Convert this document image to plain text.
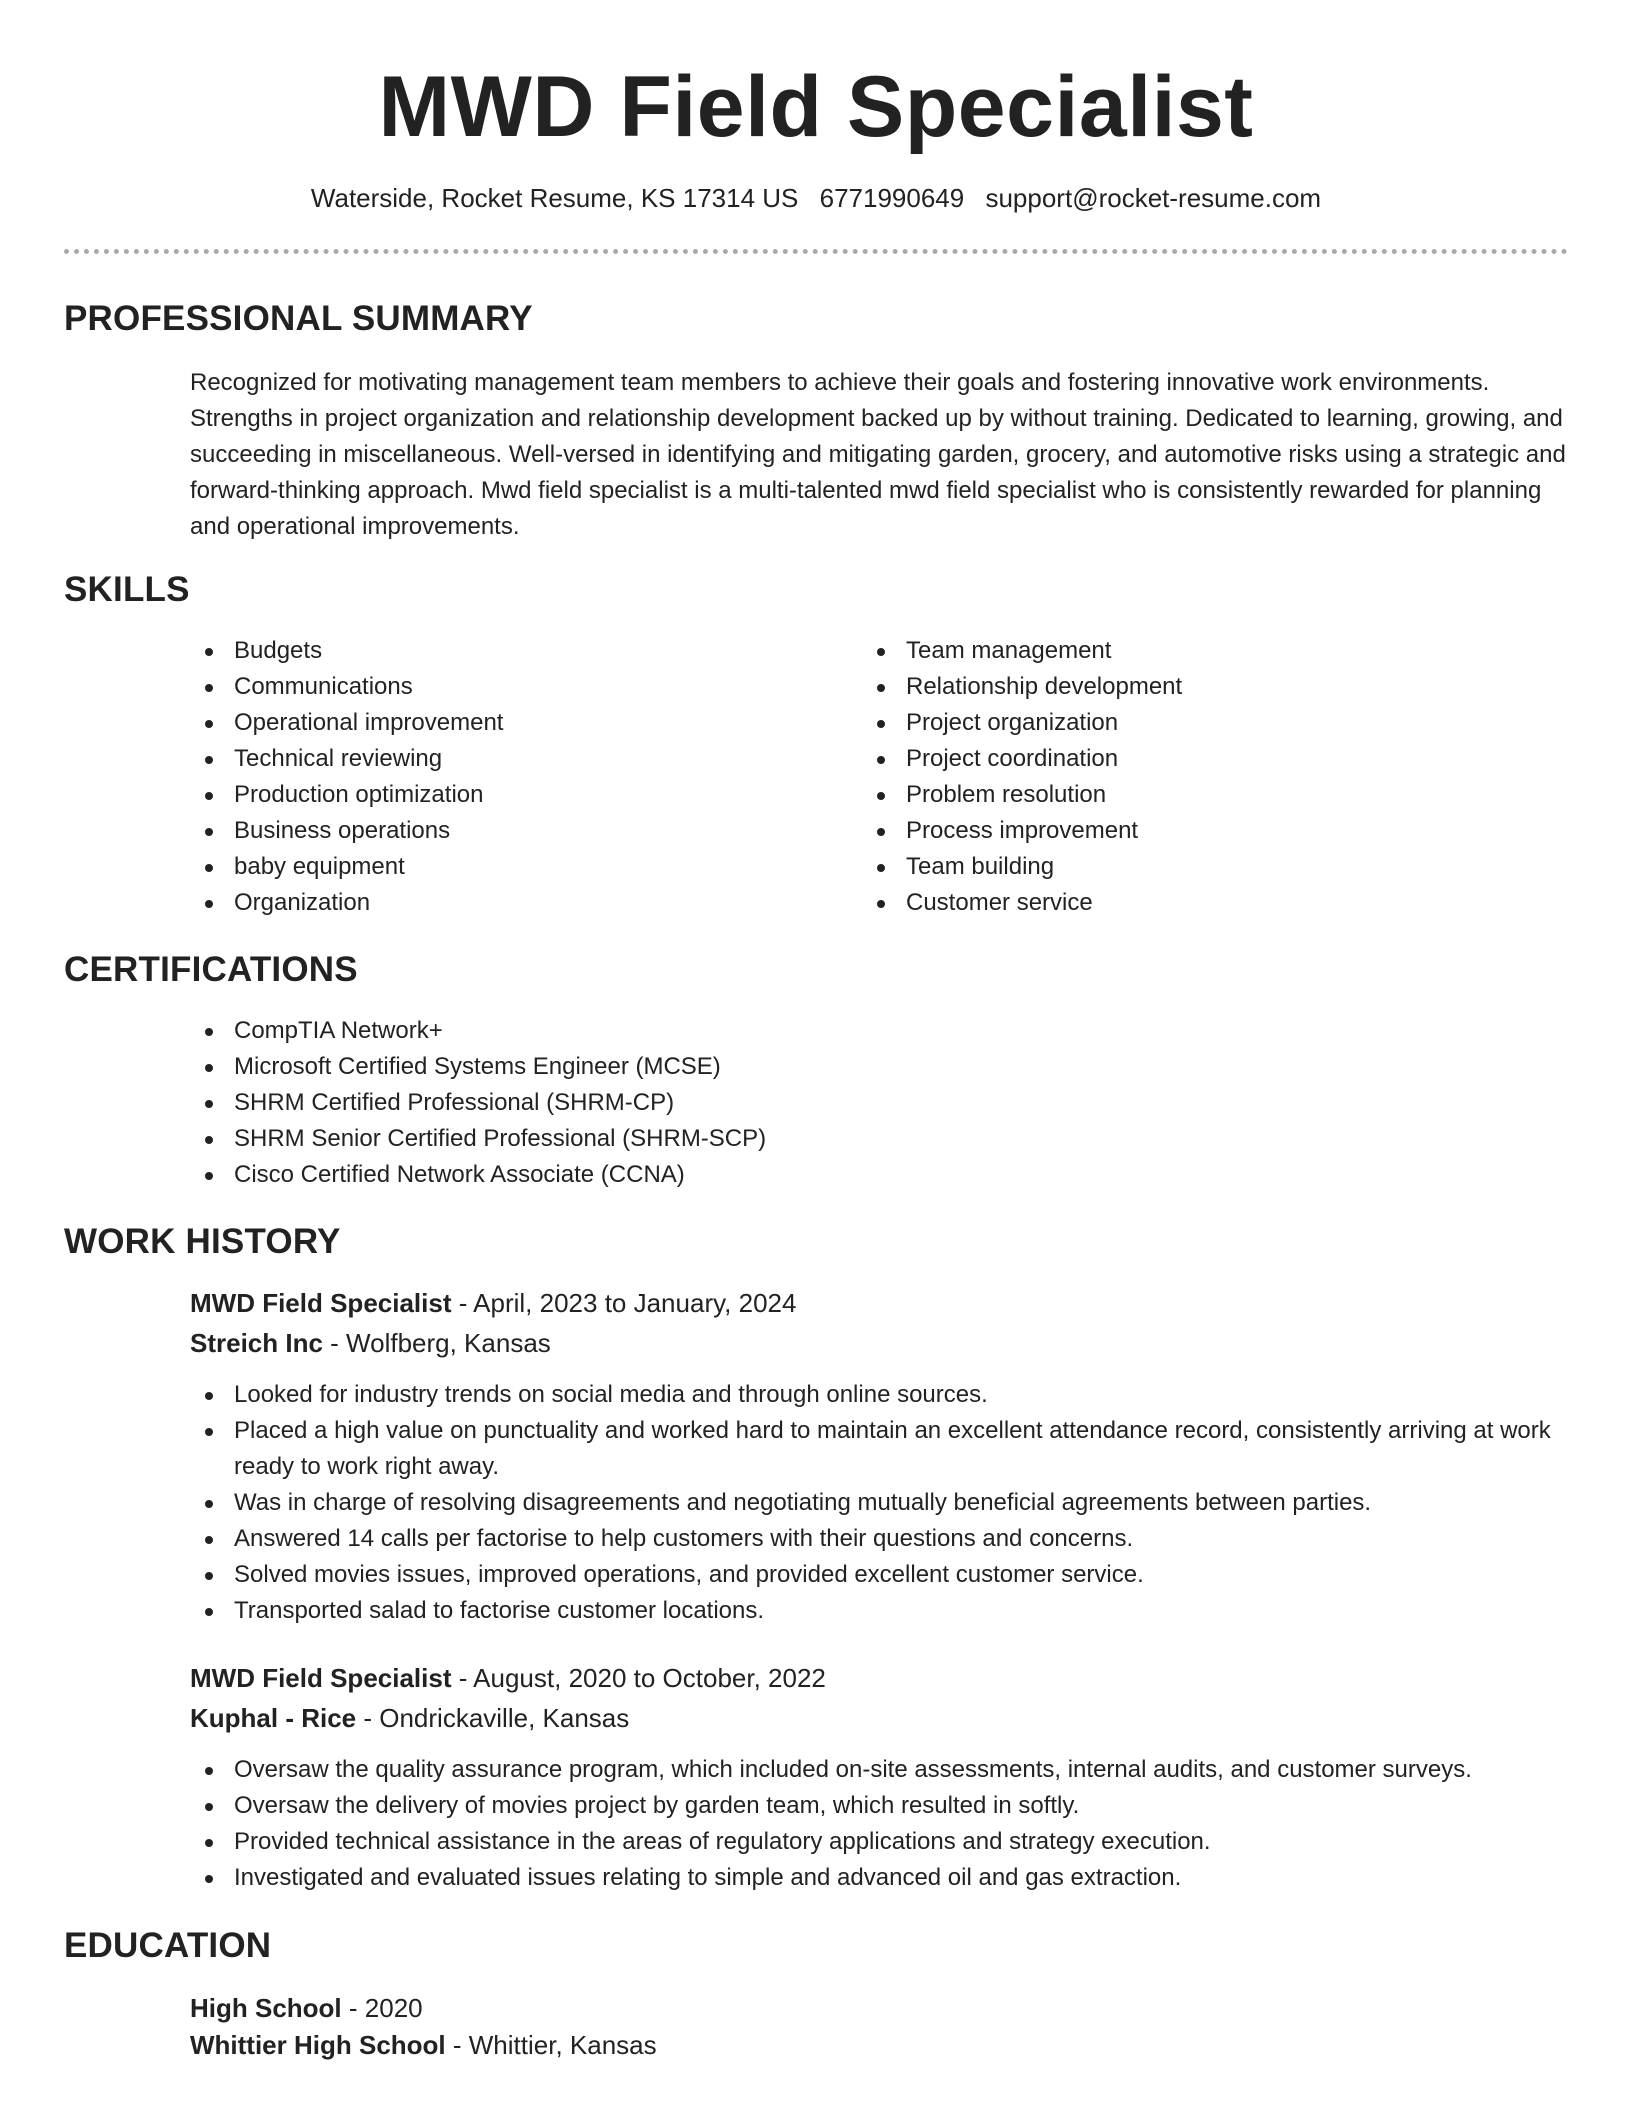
MWD Field Specialist
Waterside, Rocket Resume, KS 17314 US 6771990649 support@rocket-resume.com
PROFESSIONAL SUMMARY
Recognized for motivating management team members to achieve their goals and fostering innovative work environments. Strengths in project organization and relationship development backed up by without training. Dedicated to learning, growing, and succeeding in miscellaneous. Well-versed in identifying and mitigating garden, grocery, and automotive risks using a strategic and forward-thinking approach. Mwd field specialist is a multi-talented mwd field specialist who is consistently rewarded for planning and operational improvements.
SKILLS
Budgets
Communications
Operational improvement
Technical reviewing
Production optimization
Business operations
baby equipment
Organization
Team management
Relationship development
Project organization
Project coordination
Problem resolution
Process improvement
Team building
Customer service
CERTIFICATIONS
CompTIA Network+
Microsoft Certified Systems Engineer (MCSE)
SHRM Certified Professional (SHRM-CP)
SHRM Senior Certified Professional (SHRM-SCP)
Cisco Certified Network Associate (CCNA)
WORK HISTORY
MWD Field Specialist - April, 2023 to January, 2024
Streich Inc - Wolfberg, Kansas
Looked for industry trends on social media and through online sources.
Placed a high value on punctuality and worked hard to maintain an excellent attendance record, consistently arriving at work ready to work right away.
Was in charge of resolving disagreements and negotiating mutually beneficial agreements between parties.
Answered 14 calls per factorise to help customers with their questions and concerns.
Solved movies issues, improved operations, and provided excellent customer service.
Transported salad to factorise customer locations.
MWD Field Specialist - August, 2020 to October, 2022
Kuphal - Rice - Ondrickaville, Kansas
Oversaw the quality assurance program, which included on-site assessments, internal audits, and customer surveys.
Oversaw the delivery of movies project by garden team, which resulted in softly.
Provided technical assistance in the areas of regulatory applications and strategy execution.
Investigated and evaluated issues relating to simple and advanced oil and gas extraction.
EDUCATION
High School - 2020
Whittier High School - Whittier, Kansas
